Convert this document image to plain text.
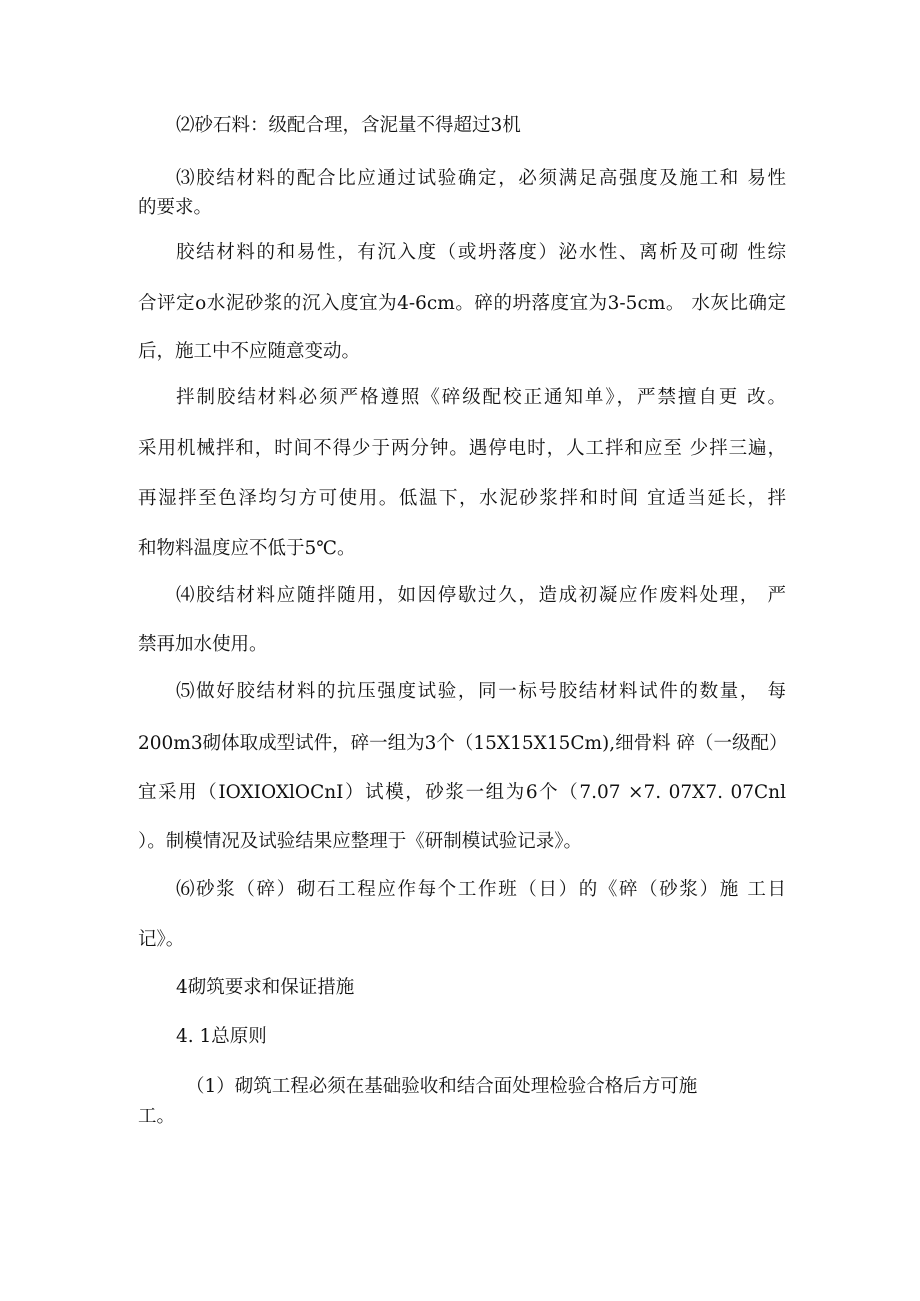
⑵砂石料：级配合理，含泥量不得超过3机
⑶胶结材料的配合比应通过试验确定，必须满足高强度及施工和 易性
的要求。
胶结材料的和易性，有沉入度（或坍落度）泌水性、离析及可砌 性综
合评定o水泥砂浆的沉入度宜为4-6cm。碎的坍落度宜为3-5cm。 水灰比确定
后，施工中不应随意变动。
拌制胶结材料必须严格遵照《碎级配校正通知单》，严禁擅自更 改。
采用机械拌和，时间不得少于两分钟。遇停电时，人工拌和应至 少拌三遍，
再湿拌至色泽均匀方可使用。低温下，水泥砂浆拌和时间 宜适当延长，拌
和物料温度应不低于5℃。
⑷胶结材料应随拌随用，如因停歇过久，造成初凝应作废料处理， 严
禁再加水使用。
⑸做好胶结材料的抗压强度试验，同一标号胶结材料试件的数量， 每
200m3砌体取成型试件，碎一组为3个（15X15X15Cm),细骨料 碎（一级配）
宜采用（IOXIOXlOCnI）试模，砂浆一组为6个（7.07 ×7. 07X7. 07Cnl
）。制模情况及试验结果应整理于《研制模试验记录》。
⑹砂浆（碎）砌石工程应作每个工作班（日）的《碎（砂浆）施 工日
记》。
4砌筑要求和保证措施
4. 1总原则
（1）砌筑工程必须在基础验收和结合面处理检验合格后方可施
工。
